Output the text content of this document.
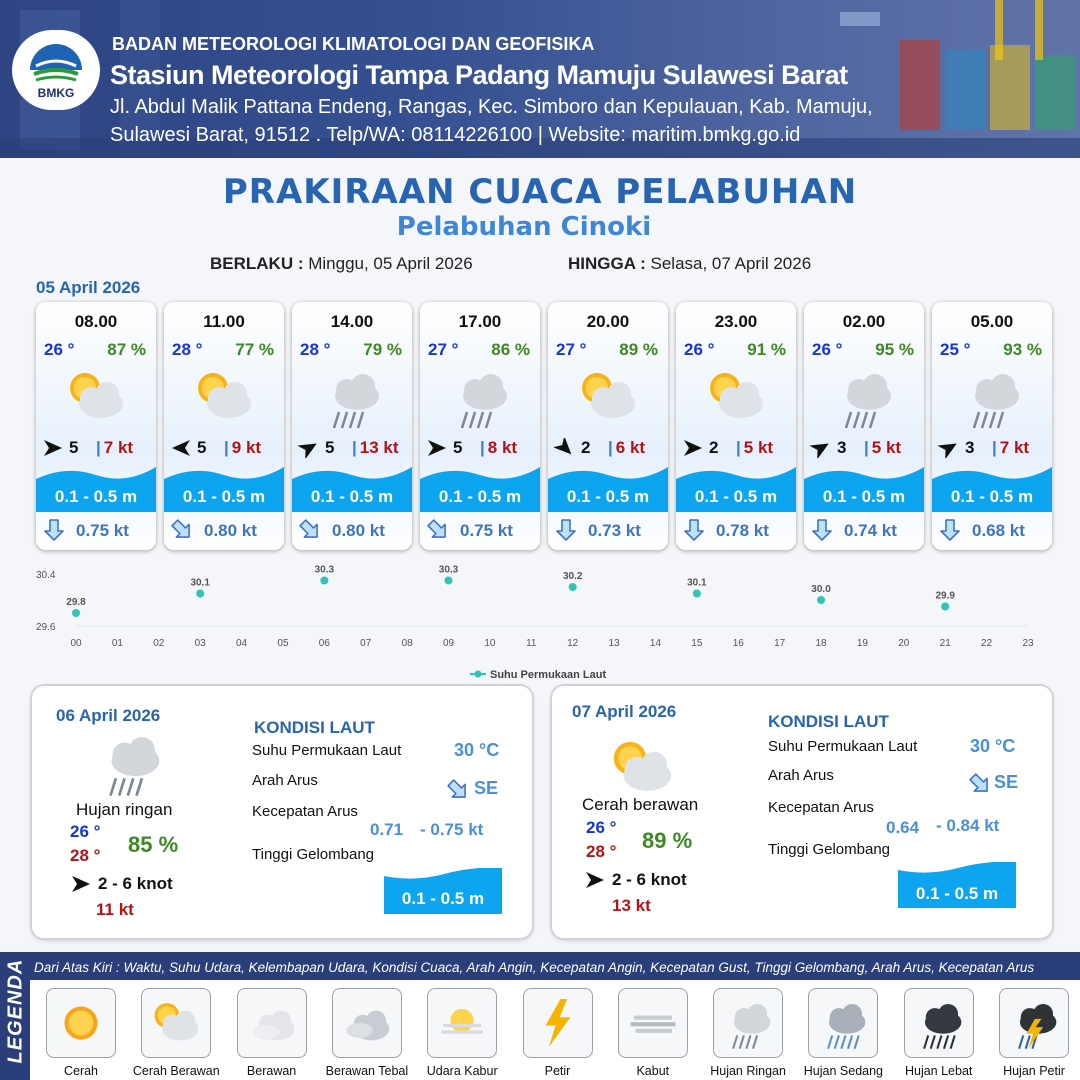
BMKG
BADAN METEOROLOGI KLIMATOLOGI DAN GEOFISIKA
Stasiun Meteorologi Tampa Padang Mamuju Sulawesi Barat
Jl. Abdul Malik Pattana Endeng, Rangas, Kec. Simboro dan Kepulauan, Kab. Mamuju,
Sulawesi Barat, 91512 . Telp/WA: 08114226100 | Website: maritim.bmkg.go.id
PRAKIRAAN CUACA PELABUHAN
Pelabuhan Cinoki
BERLAKU : Minggu, 05 April 2026	HINGGA : Selasa, 07 April 2026
05 April 2026
08.00
26 ° 87 %
5 | 7 kt
0.1 - 0.5 m
0.75 kt
11.00
28 ° 77 %
5 | 9 kt
0.1 - 0.5 m
0.80 kt
14.00
28 ° 79 %
5 | 13 kt
0.1 - 0.5 m
0.80 kt
17.00
27 ° 86 %
5 | 8 kt
0.1 - 0.5 m
0.75 kt
20.00
27 ° 89 %
2 | 6 kt
0.1 - 0.5 m
0.73 kt
23.00
26 ° 91 %
2 | 5 kt
0.1 - 0.5 m
0.78 kt
02.00
26 ° 95 %
3 | 5 kt
0.1 - 0.5 m
0.74 kt
05.00
25 ° 93 %
3 | 7 kt
0.1 - 0.5 m
0.68 kt
30.4
29.6
00	01	02	03	04	05	06	07	08	09	10	11	12	13	14	15	16	17	18	19	20	21	22	23
29.8
30.1
30.3	30.3
30.2
30.1
30.0
29.9
Suhu Permukaan Laut
06 April 2026
Hujan ringan
26 °
28 ° 85 %
2 - 6 knot
11 kt
KONDISI LAUT
Suhu Permukaan Laut	30 °C
Arah Arus	SE
Kecepatan Arus
0.71 - 0.75 kt
Tinggi Gelombang
0.1 - 0.5 m
07 April 2026
Cerah berawan
26 °
28 ° 89 %
2 - 6 knot
13 kt
KONDISI LAUT
Suhu Permukaan Laut	30 °C
Arah Arus	SE
Kecepatan Arus
0.64 - 0.84 kt
Tinggi Gelombang
0.1 - 0.5 m
LEGENDA Dari Atas Kiri : Waktu, Suhu Udara, Kelembapan Udara, Kondisi Cuaca, Arah Angin, Kecepatan Angin, Kecepatan Gust, Tinggi Gelombang, Arah Arus, Kecepatan Arus
Cerah	Cerah Berawan	Berawan	Berawan Tebal	Udara Kabur	Petir	Kabut	Hujan Ringan	Hujan Sedang	Hujan Lebat	Hujan Petir
